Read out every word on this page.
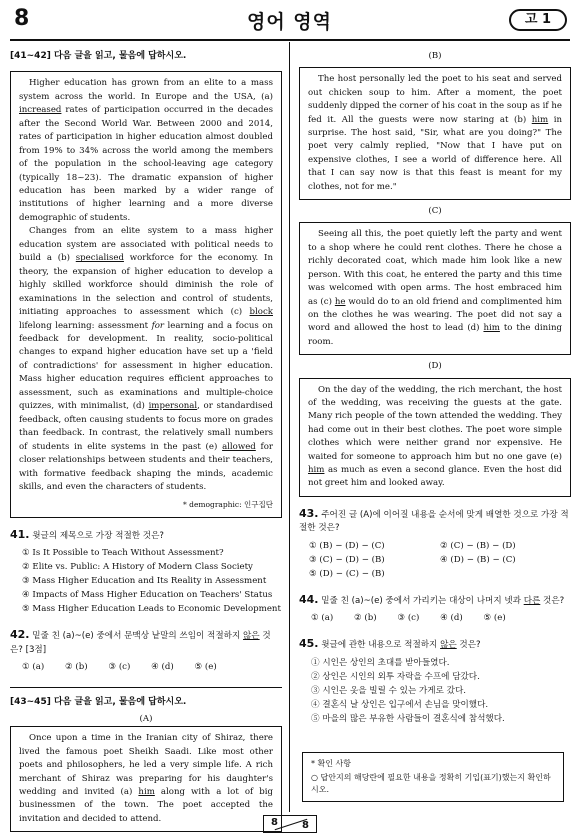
8	영어 영역	고 1
[41~42] 다음 글을 읽고, 물음에 답하시오.

Higher education has grown from an elite to a mass system across the world. In Europe and the USA, (a) increased rates of participation occurred in the decades after the Second World War. Between 2000 and 2014, rates of participation in higher education almost doubled from 19% to 34% across the world among the members of the population in the school-leaving age category (typically 18~23). The dramatic expansion of higher education has been marked by a wider range of institutions of higher learning and a more diverse demographic of students.

Changes from an elite system to a mass higher education system are associated with political needs to build a (b) specialised workforce for the economy. In theory, the expansion of higher education to develop a highly skilled workforce should diminish the role of examinations in the selection and control of students, initiating approaches to assessment which (c) block lifelong learning: assessment for learning and a focus on feedback for development. In reality, socio-political changes to expand higher education have set up a 'field of contradictions' for assessment in higher education. Mass higher education requires efficient approaches to assessment, such as examinations and multiple-choice quizzes, with minimalist, (d) impersonal, or standardised feedback, often causing students to focus more on grades than feedback. In contrast, the relatively small numbers of students in elite systems in the past (e) allowed for closer relationships between students and their teachers, with formative feedback shaping the minds, academic skills, and even the characters of students.

* demographic: 인구집단
41. 윗글의 제목으로 가장 적절한 것은?
① Is It Possible to Teach Without Assessment?
② Elite vs. Public: A History of Modern Class Society
③ Mass Higher Education and Its Reality in Assessment
④ Impacts of Mass Higher Education on Teachers' Status
⑤ Mass Higher Education Leads to Economic Development
42. 밑줄 친 (a)~(e) 중에서 문맥상 낱말의 쓰임이 적절하지 않은 것은? [3점]
① (a) ② (b) ③ (c) ④ (d) ⑤ (e)
[43~45] 다음 글을 읽고, 물음에 답하시오.
(A)

Once upon a time in the Iranian city of Shiraz, there lived the famous poet Sheikh Saadi. Like most other poets and philosophers, he led a very simple life. A rich merchant of Shiraz was preparing for his daughter's wedding and invited (a) him along with a lot of big businessmen of the town. The poet accepted the invitation and decided to attend.

(B)

The host personally led the poet to his seat and served out chicken soup to him. After a moment, the poet suddenly dipped the corner of his coat in the soup as if he fed it. All the guests were now staring at (b) him in surprise. The host said, "Sir, what are you doing?" The poet very calmly replied, "Now that I have put on expensive clothes, I see a world of difference here. All that I can say now is that this feast is meant for my clothes, not for me."

(C)

Seeing all this, the poet quietly left the party and went to a shop where he could rent clothes. There he chose a richly decorated coat, which made him look like a new person. With this coat, he entered the party and this time was welcomed with open arms. The host embraced him as (c) he would do to an old friend and complimented him on the clothes he was wearing. The poet did not say a word and allowed the host to lead (d) him to the dining room.

(D)

On the day of the wedding, the rich merchant, the host of the wedding, was receiving the guests at the gate. Many rich people of the town attended the wedding. They had come out in their best clothes. The poet wore simple clothes which were neither grand nor expensive. He waited for someone to approach him but no one gave (e) him as much as even a second glance. Even the host did not greet him and looked away.

43. 주어진 글 (A)에 이어질 내용을 순서에 맞게 배열한 것으로 가장 적절한 것은?
① (B) − (D) − (C)	② (C) − (B) − (D)
③ (C) − (D) − (B)	④ (D) − (B) − (C)
⑤ (D) − (C) − (B)
44. 밑줄 친 (a)~(e) 중에서 가리키는 대상이 나머지 넷과 다른 것은?
① (a) ② (b) ③ (c) ④ (d) ⑤ (e)
45. 윗글에 관한 내용으로 적절하지 않은 것은?
① 시인은 상인의 초대를 받아들였다.
② 상인은 시인의 외투 자락을 수프에 담갔다.
③ 시인은 옷을 빌릴 수 있는 가게로 갔다.
④ 결혼식 날 상인은 입구에서 손님을 맞이했다.
⑤ 마을의 많은 부유한 사람들이 결혼식에 참석했다.
* 확인 사항
○ 답안지의 해당란에 필요한 내용을 정확히 기입(표기)했는지 확인하시오.
8 8
